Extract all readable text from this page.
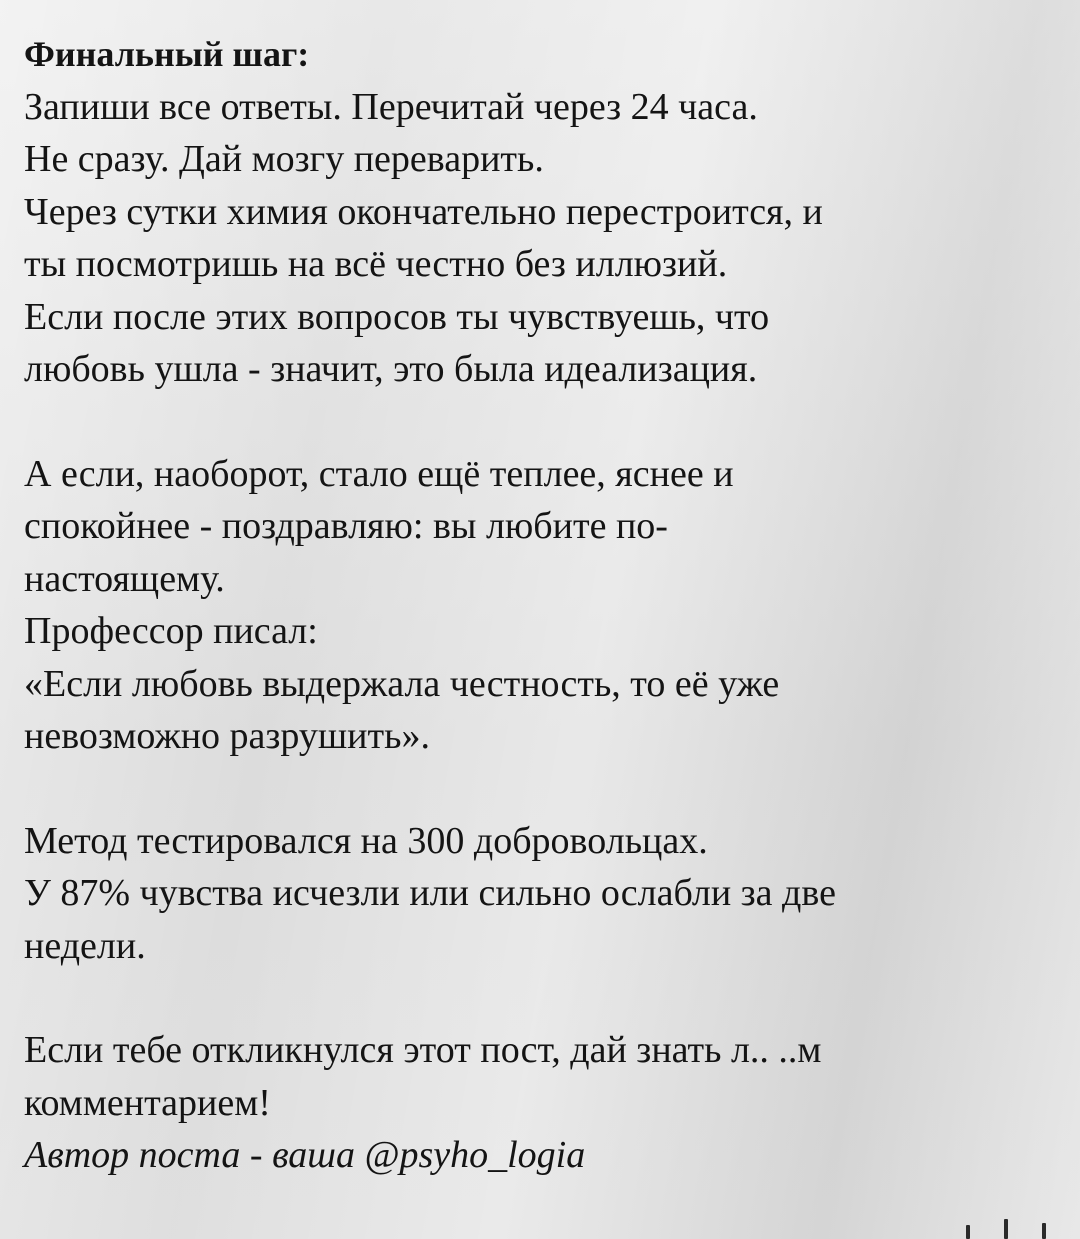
Финальный шаг:
Запиши все ответы. Перечитай через 24 часа.
Не сразу. Дай мозгу переварить.
Через сутки химия окончательно перестроится, и
ты посмотришь на всё честно без иллюзий.
Если после этих вопросов ты чувствуешь, что
любовь ушла - значит, это была идеализация.
А если, наоборот, стало ещё теплее, яснее и
спокойнее - поздравляю: вы любите по-
настоящему.
Профессор писал:
«Если любовь выдержала честность, то её уже
невозможно разрушить».
Метод тестировался на 300 добровольцах.
У 87% чувства исчезли или сильно ослабли за две
недели.
Если тебе откликнулся этот пост, дай знать л.. ..м
комментарием!
Автор поста - ваша @psyho_logia
